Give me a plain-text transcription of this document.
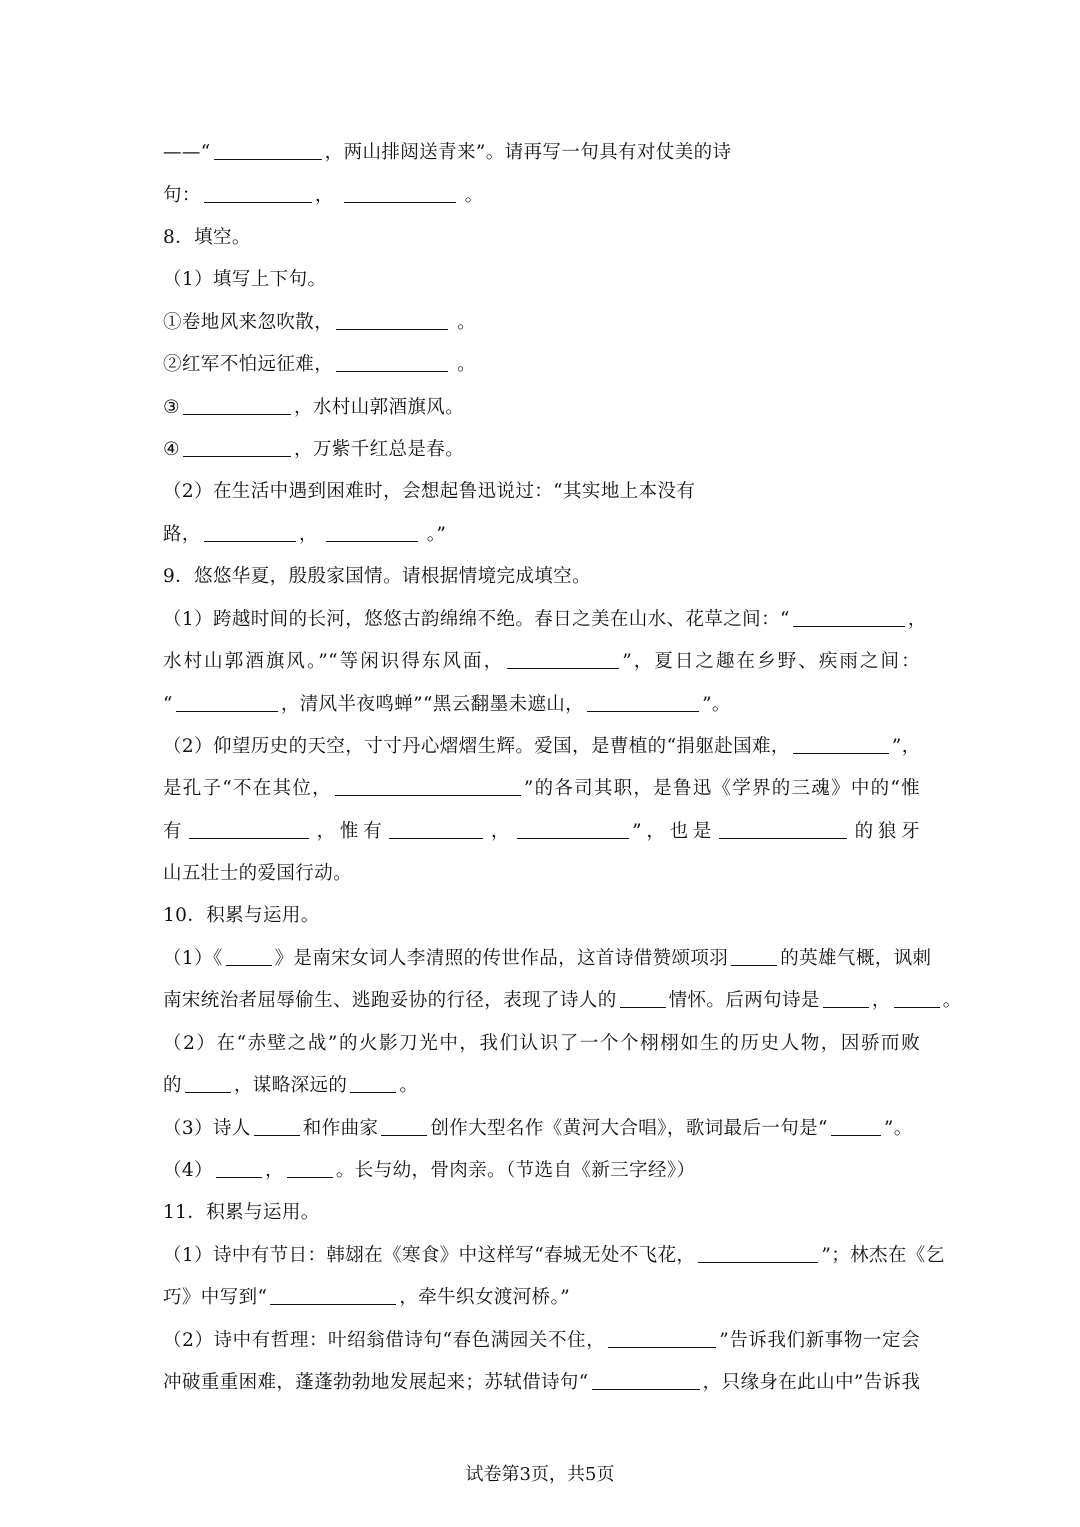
——“	，两山排闼送青来”。请再写一句具有对仗美的诗
句：	，	。
8．填空。
（1）填写上下句。
①卷地风来忽吹散，	。
②红军不怕远征难，	。
③	，水村山郭酒旗风。
④	，万紫千红总是春。
（2）在生活中遇到困难时，会想起鲁迅说过：“其实地上本没有
路，	，	。”
9．悠悠华夏，殷殷家国情。请根据情境完成填空。
（1）跨越时间的长河，悠悠古韵绵绵不绝。春日之美在山水、花草之间：“	，
水村山郭酒旗风。”“等闲识得东风面，	”，夏日之趣在乡野、疾雨之间：
“	，清风半夜鸣蝉”“黑云翻墨未遮山，	”。
（2）仰望历史的天空，寸寸丹心熠熠生辉。爱国，是曹植的“捐躯赴国难，	”，
是孔子“不在其位，	”的各司其职，是鲁迅《学界的三魂》中的“惟
有	，惟有	，	”，也是	的狼牙
山五壮士的爱国行动。
10．积累与运用。
（1）《	》是南宋女词人李清照的传世作品，这首诗借赞颂项羽	的英雄气概，讽刺
南宋统治者屈辱偷生、逃跑妥协的行径，表现了诗人的	情怀。后两句诗是	，	。
（2）在“赤壁之战”的火影刀光中，我们认识了一个个栩栩如生的历史人物，因骄而败
的	，谋略深远的	。
（3）诗人	和作曲家	创作大型名作《黄河大合唱》，歌词最后一句是“	”。
（4）	，	。长与幼，骨肉亲。（节选自《新三字经》）
11．积累与运用。
（1）诗中有节日：韩翃在《寒食》中这样写“春城无处不飞花，	”；林杰在《乞
巧》中写到“	，牵牛织女渡河桥。”
（2）诗中有哲理：叶绍翁借诗句“春色满园关不住，	”告诉我们新事物一定会
冲破重重困难，蓬蓬勃勃地发展起来；苏轼借诗句“	，只缘身在此山中”告诉我
试卷第3页，共5页
